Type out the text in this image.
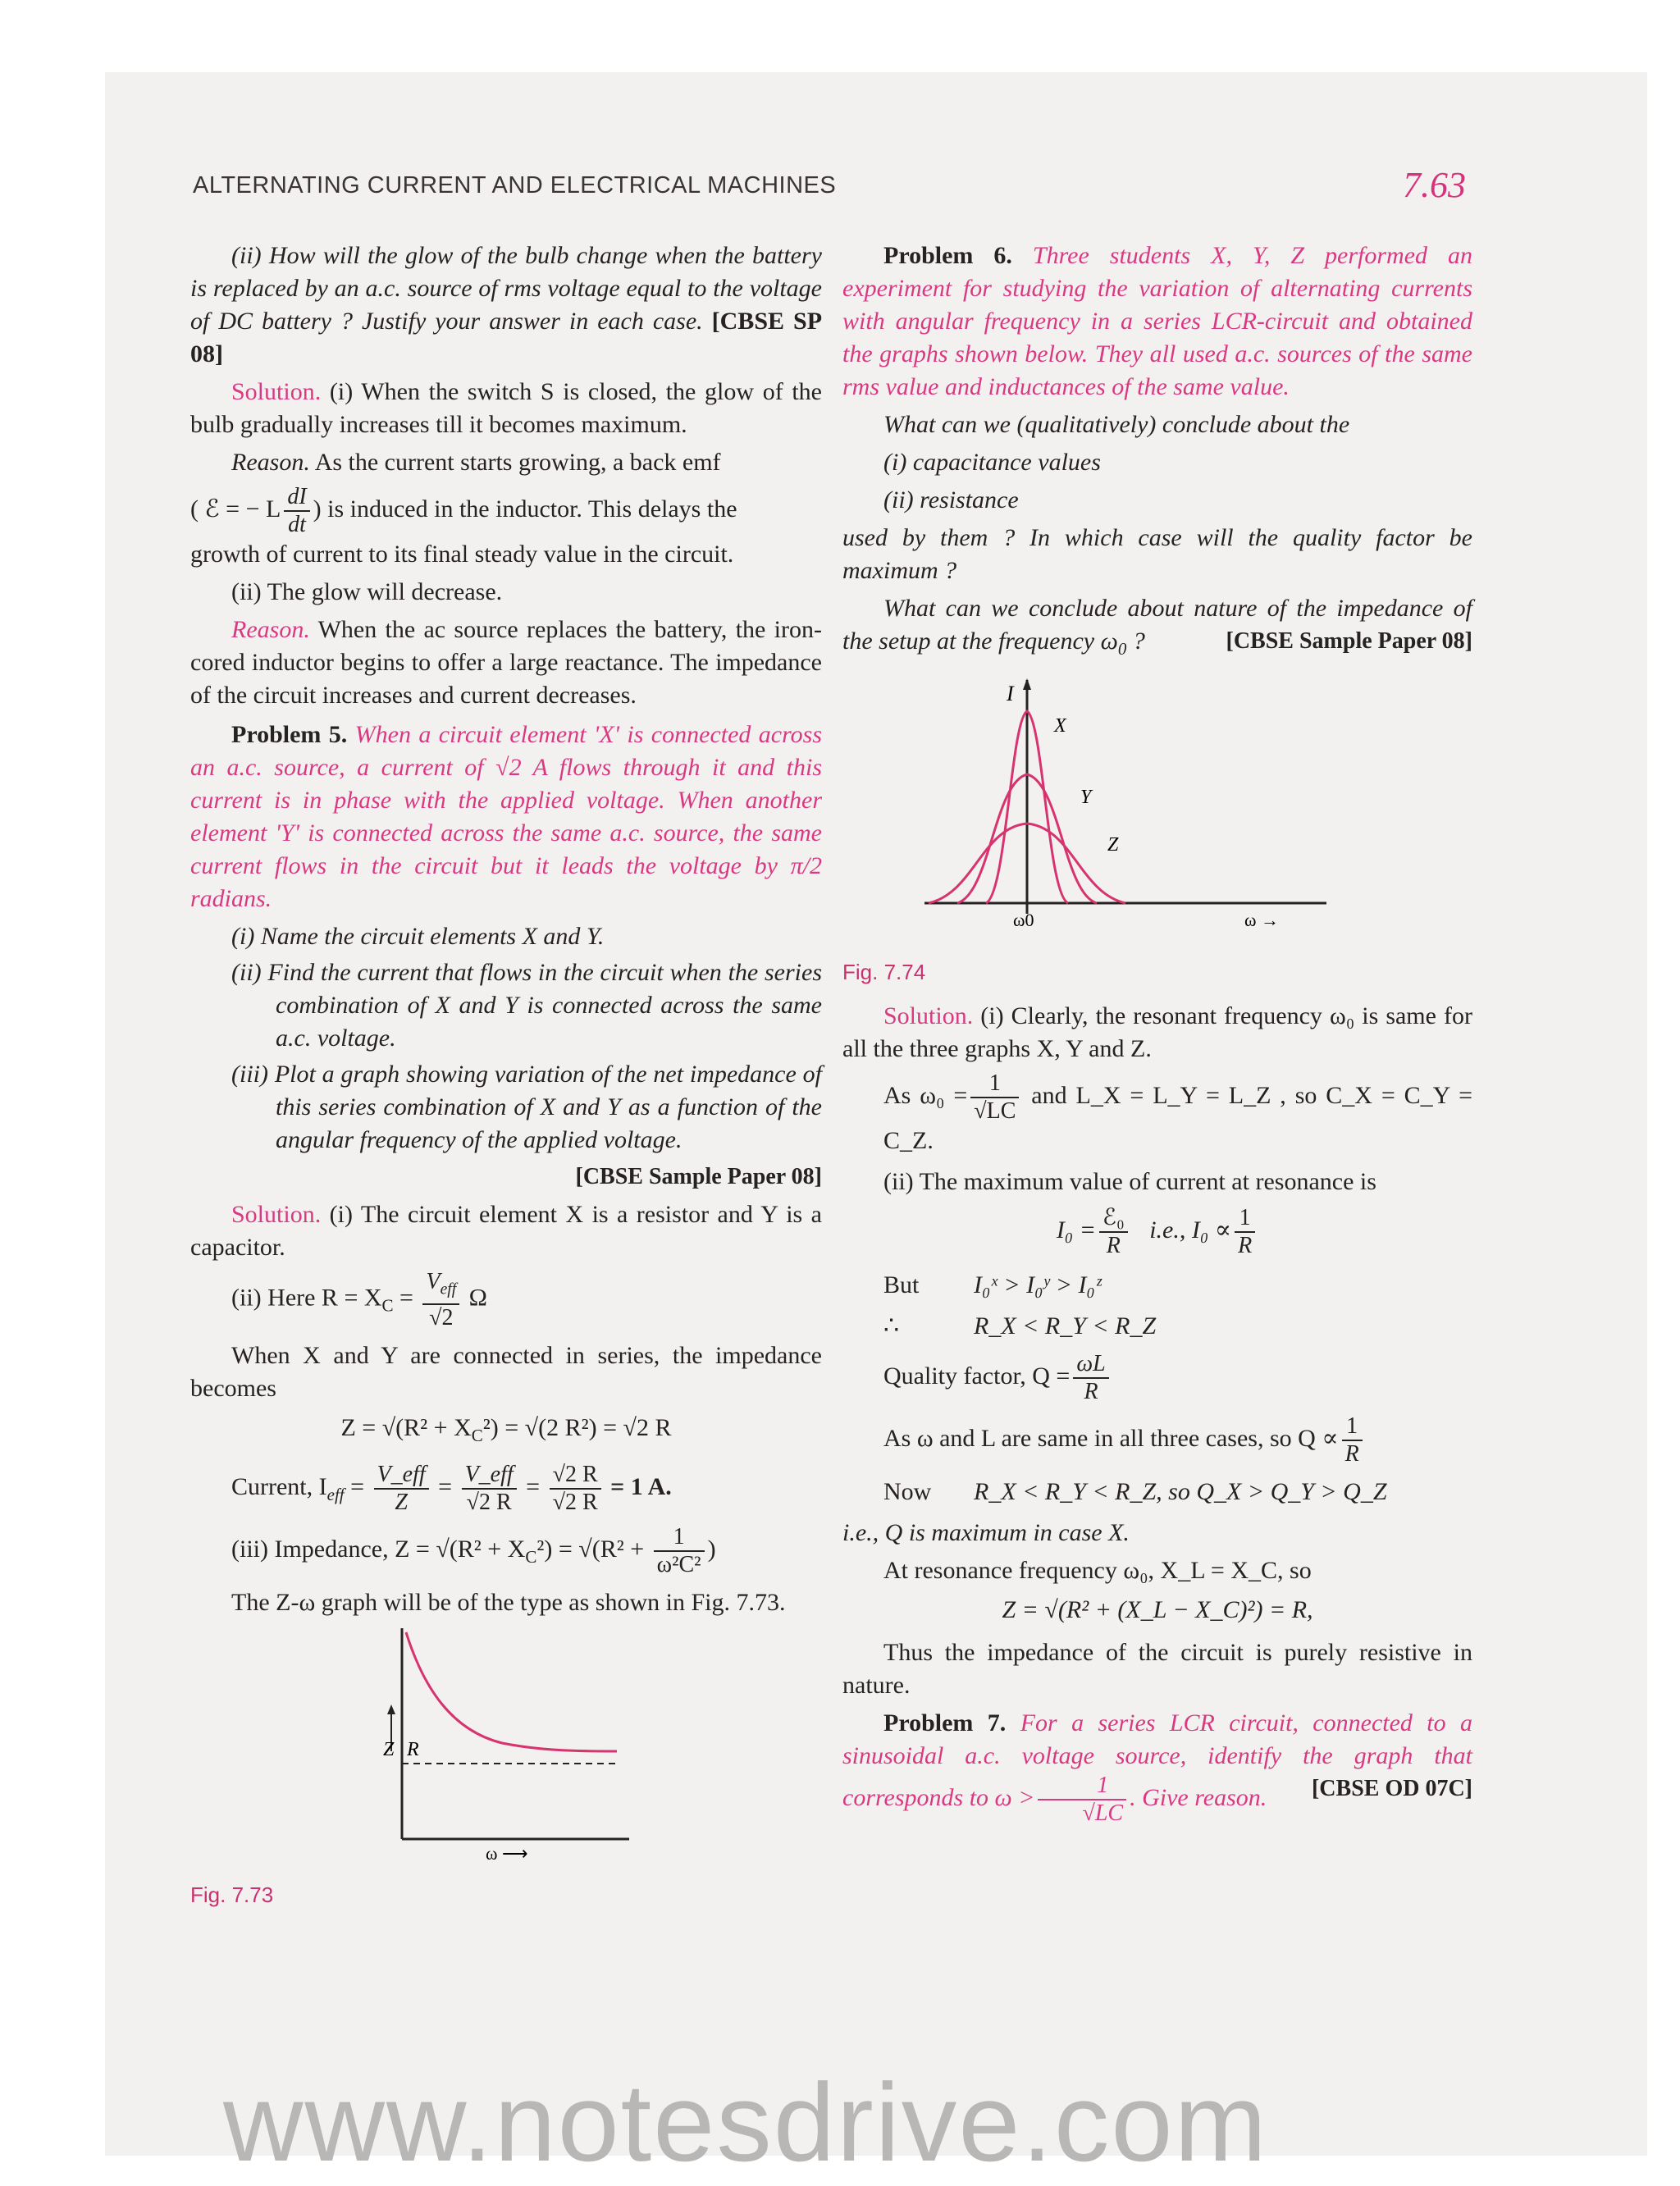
ALTERNATING CURRENT AND ELECTRICAL MACHINES	7.63

(ii) How will the glow of the bulb change when the battery is replaced by an a.c. source of rms voltage equal to the voltage of DC battery ? Justify your answer in each case. [CBSE SP 08]

Solution. (i) When the switch S is closed, the glow of the bulb gradually increases till it becomes maximum.

Reason. As the current starts growing, a back emf

( ℰ = − L $\frac{dI}{dt}$ ) is induced in the inductor. This delays the

growth of current to its final steady value in the circuit.

(ii) The glow will decrease.

Reason. When the ac source replaces the battery, the iron-cored inductor begins to offer a large reactance. The impedance of the circuit increases and current decreases.

Problem 5. When a circuit element 'X' is connected across an a.c. source, a current of √2 A flows through it and this current is in phase with the applied voltage. When another element 'Y' is connected across the same a.c. source, the same current flows in the circuit but it leads the voltage by π/2 radians.

(i) Name the circuit elements X and Y.

(ii) Find the current that flows in the circuit when the series combination of X and Y is connected across the same a.c. voltage.

(iii) Plot a graph showing variation of the net impedance of this series combination of X and Y as a function of the angular frequency of the applied voltage.

[CBSE Sample Paper 08]

Solution. (i) The circuit element X is a resistor and Y is a capacitor.

(ii) Here $R = X_C = \frac{V_{eff}}{√2}$ Ω

When X and Y are connected in series, the impedance becomes

$Z = √(R^2 + X_C^2) = √(2$ R²) = √2 R

Current, $I_{eff} = \frac{\text{V\_eff}}{Z} = \frac{\text{V\_eff}}{√2 R} = \frac{√2 R}{√2 R} = 1$ A.

(iii) Impedance, $Z = √(R^2 + X_C^2) = √(R^2 + \frac{1}{\text{ω²C²}}$ )

The Z-ω graph will be of the type as shown in Fig. 7.73.

Z R
ω ⟶
Fig. 7.73

Problem 6. Three students X, Y, Z performed an experiment for studying the variation of alternating currents with angular frequency in a series LCR-circuit and obtained the graphs shown below. They all used a.c. sources of the same rms value and inductances of the same value.

What can we (qualitatively) conclude about the

(i) capacitance values

(ii) resistance

used by them ? In which case will the quality factor be maximum ?

What can we conclude about nature of the impedance of the setup at the frequency $\omega_0$ ?	[CBSE Sample Paper 08]

I
X
Y
Z
ω0	ω →
Fig. 7.74

Solution. (i) Clearly, the resonant frequency ω₀ is same for all the three graphs X, Y and Z.

As $\omega_0 = \frac{1}{√LC}$ and L_X = L_Y = L_Z , so C_X = C_Y = C_Z.

(ii) The maximum value of current at resonance is

$I_0 = \frac{\text{ℰ₀}}{R} i.e$., $I_0 \propto \frac{1}{R}$

But I₀ˣ > I₀ʸ > I₀ᶻ

∴	R_X < R_Y < R_Z

Quality factor, $Q = \frac{\omega L}{R}$

As ω and L are same in all three cases, so $Q \propto \frac{1}{R}$

Now R_X < R_Y < R_Z, so Q_X > Q_Y > Q_Z

i.e., Q is maximum in case X.

At resonance frequency ω₀, X_L = X_C, so

Z = √(R² + (X_L − X_C)²) = R,

Thus the impedance of the circuit is purely resistive in nature.

Problem 7. For a series LCR circuit, connected to a sinusoidal a.c. voltage source, identify the graph that corresponds to $\omega > \frac{1}{√LC}$ . Give reason.	[CBSE OD 07C]

www.notesdrive.com
